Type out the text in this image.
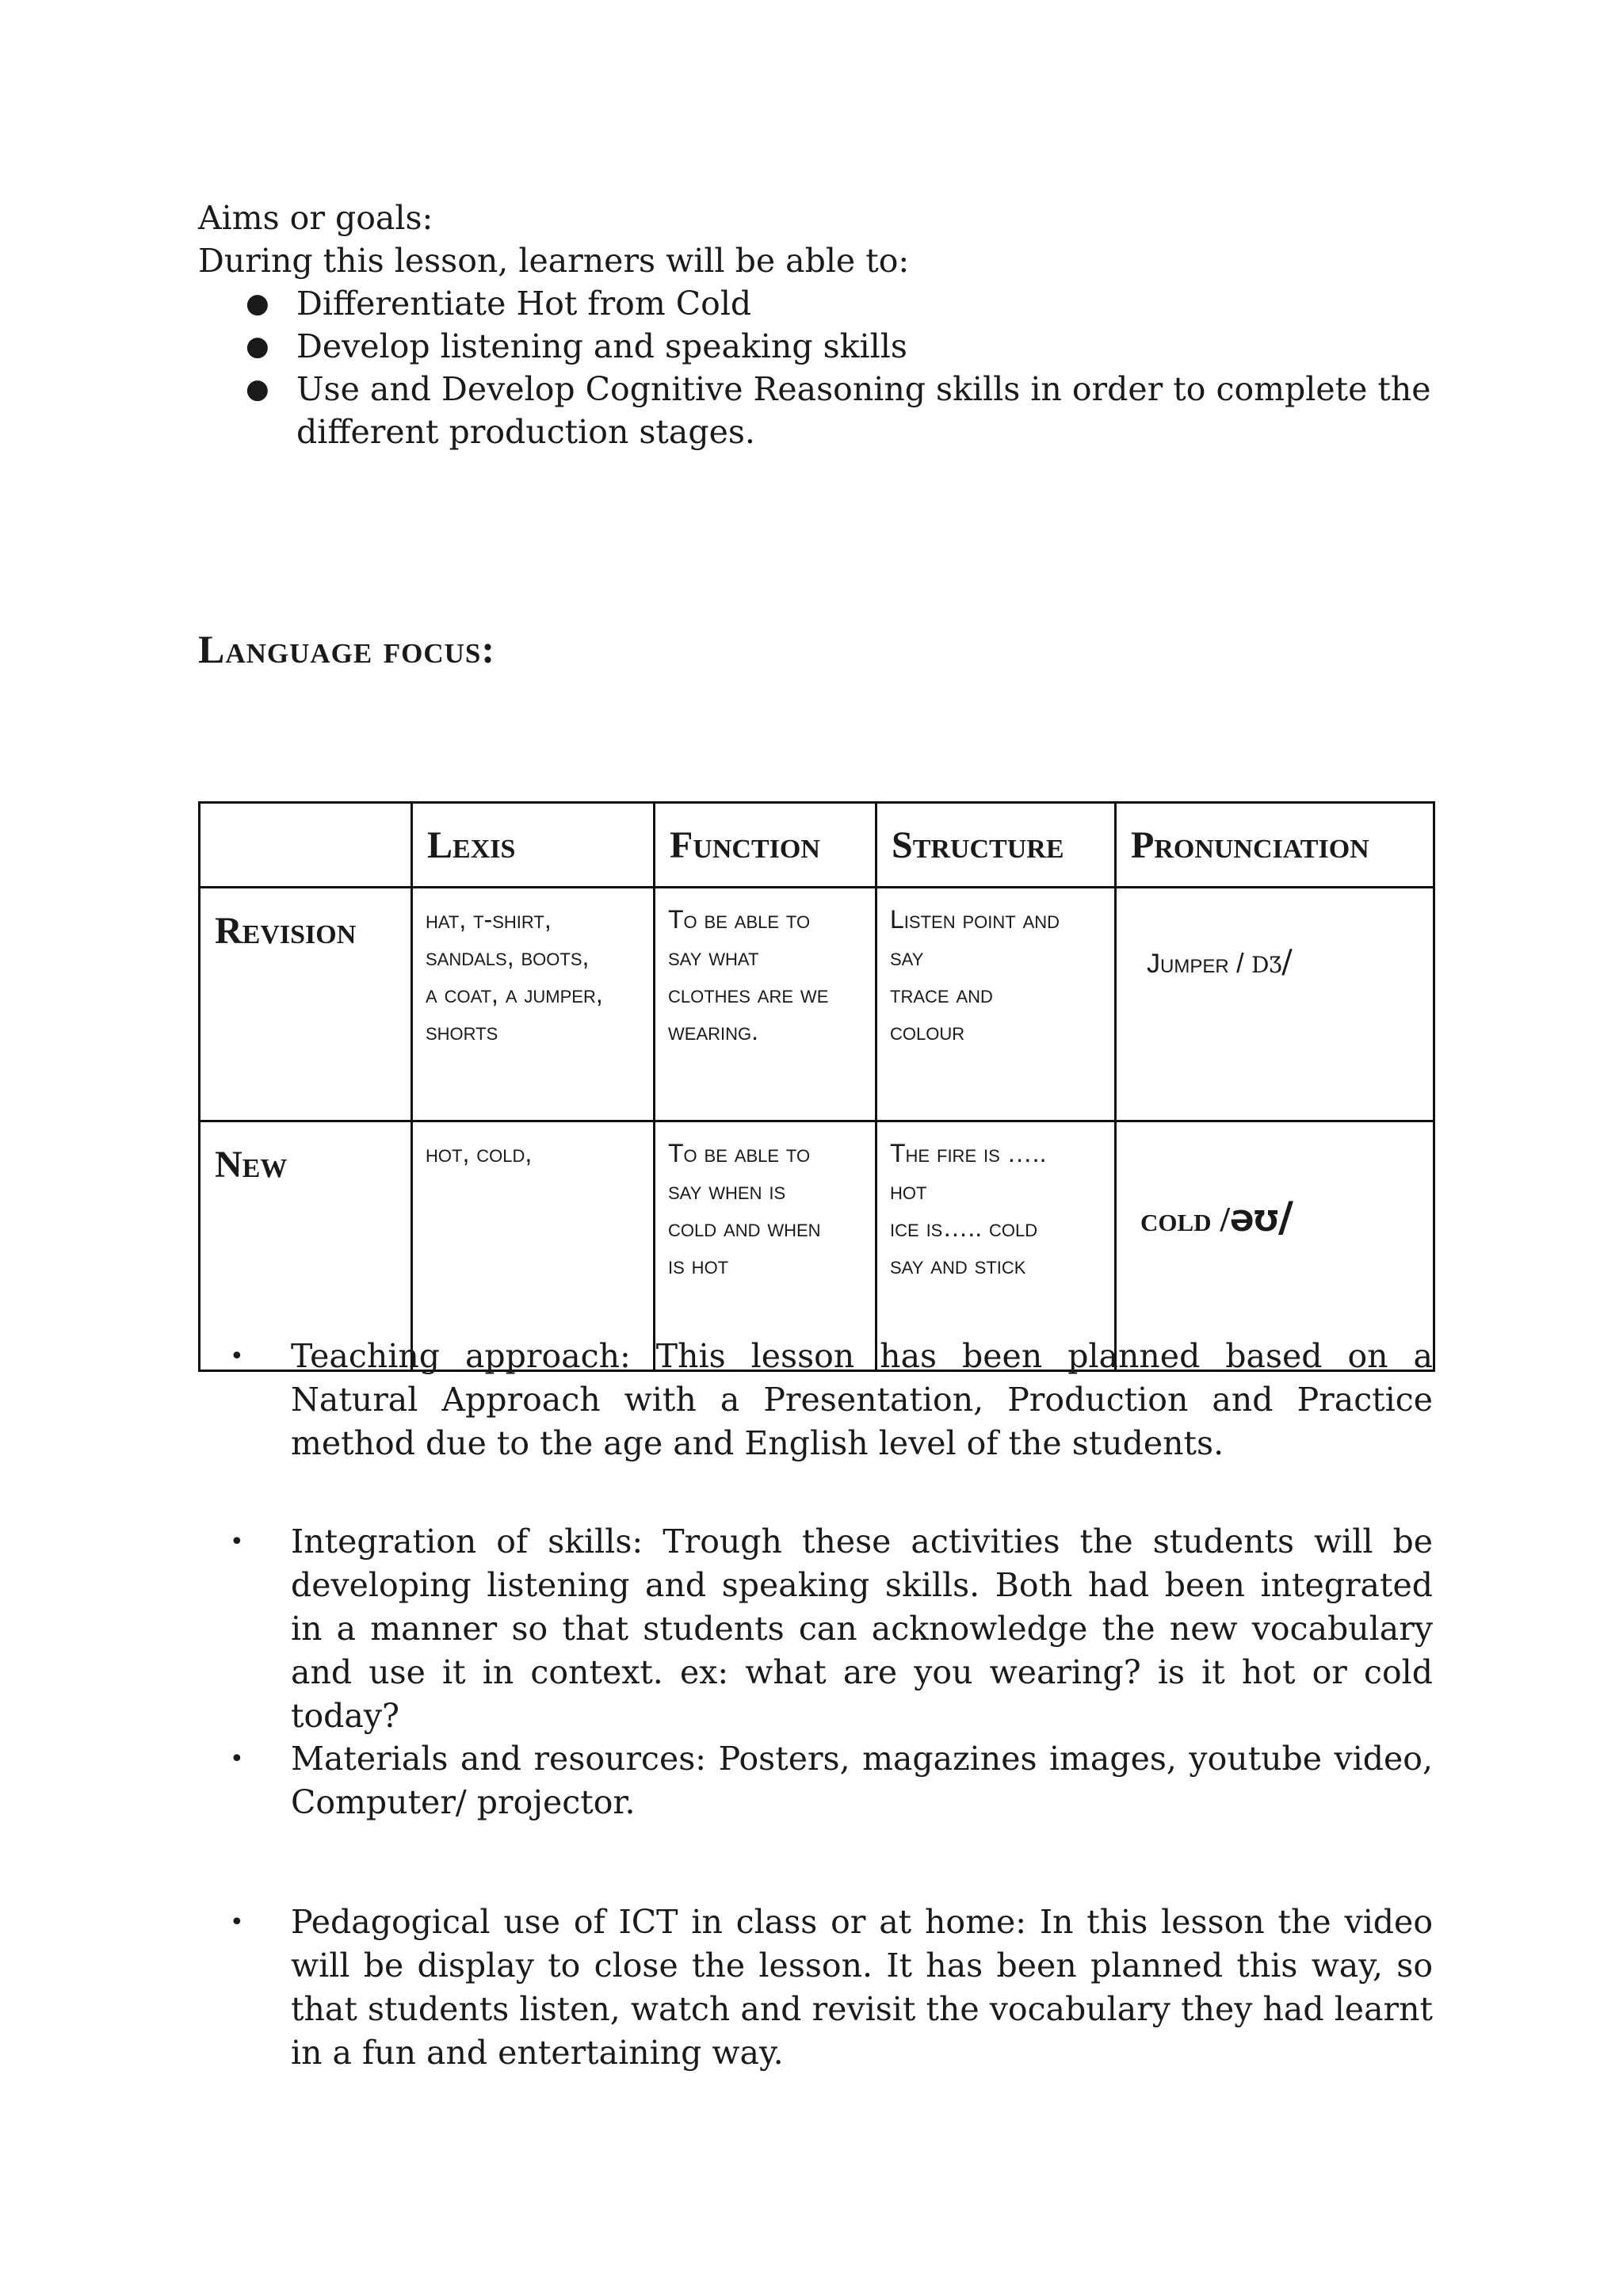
Aims or goals:

During this lesson, learners will be able to:

● Differentiate Hot from Cold
● Develop listening and speaking skills
● Use and Develop Cognitive Reasoning skills in order to complete the
different production stages.
Language focus:
	Lexis	Function	Structure	Pronunciation
Revision	hat, t-shirt,
sandals, boots,
a coat, a jumper,
shorts	To be able to
say what
clothes are we
wearing.	Listen point and
say
trace and
colour	Jumper / dʒ/
New	hot, cold,	To be able to
say when is
cold and when
is hot	The fire is …..
hot
ice is….. cold
say and stick	cold /əʊ/
•	Teaching approach: This lesson has been planned based on a Natural Approach with a Presentation, Production and Practice method due to the age and English level of the students.
•	Integration of skills: Trough these activities the students will be developing listening and speaking skills. Both had been integrated in a manner so that students can acknowledge the new vocabulary and use it in context. ex: what are you wearing? is it hot or cold today?
•	Materials and resources: Posters, magazines images, youtube video, Computer/ projector.
•	Pedagogical use of ICT in class or at home: In this lesson the video will be display to close the lesson. It has been planned this way, so that students listen, watch and revisit the vocabulary they had learnt in a fun and entertaining way.
